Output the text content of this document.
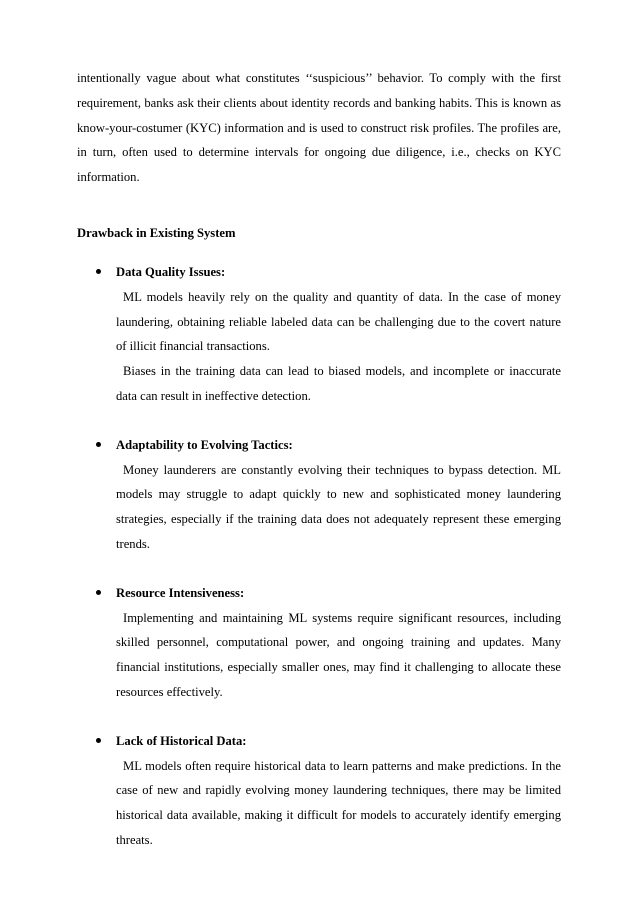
intentionally vague about what constitutes ‘‘suspicious’’ behavior. To comply with the first requirement, banks ask their clients about identity records and banking habits. This is known as know-your-costumer (KYC) information and is used to construct risk profiles. The profiles are, in turn, often used to determine intervals for ongoing due diligence, i.e., checks on KYC information.

Drawback in Existing System

Data Quality Issues:

ML models heavily rely on the quality and quantity of data. In the case of money laundering, obtaining reliable labeled data can be challenging due to the covert nature of illicit financial transactions.

Biases in the training data can lead to biased models, and incomplete or inaccurate data can result in ineffective detection.

Adaptability to Evolving Tactics:

Money launderers are constantly evolving their techniques to bypass detection. ML models may struggle to adapt quickly to new and sophisticated money laundering strategies, especially if the training data does not adequately represent these emerging trends.

Resource Intensiveness:

Implementing and maintaining ML systems require significant resources, including skilled personnel, computational power, and ongoing training and updates. Many financial institutions, especially smaller ones, may find it challenging to allocate these resources effectively.

Lack of Historical Data:

ML models often require historical data to learn patterns and make predictions. In the case of new and rapidly evolving money laundering techniques, there may be limited historical data available, making it difficult for models to accurately identify emerging threats.
